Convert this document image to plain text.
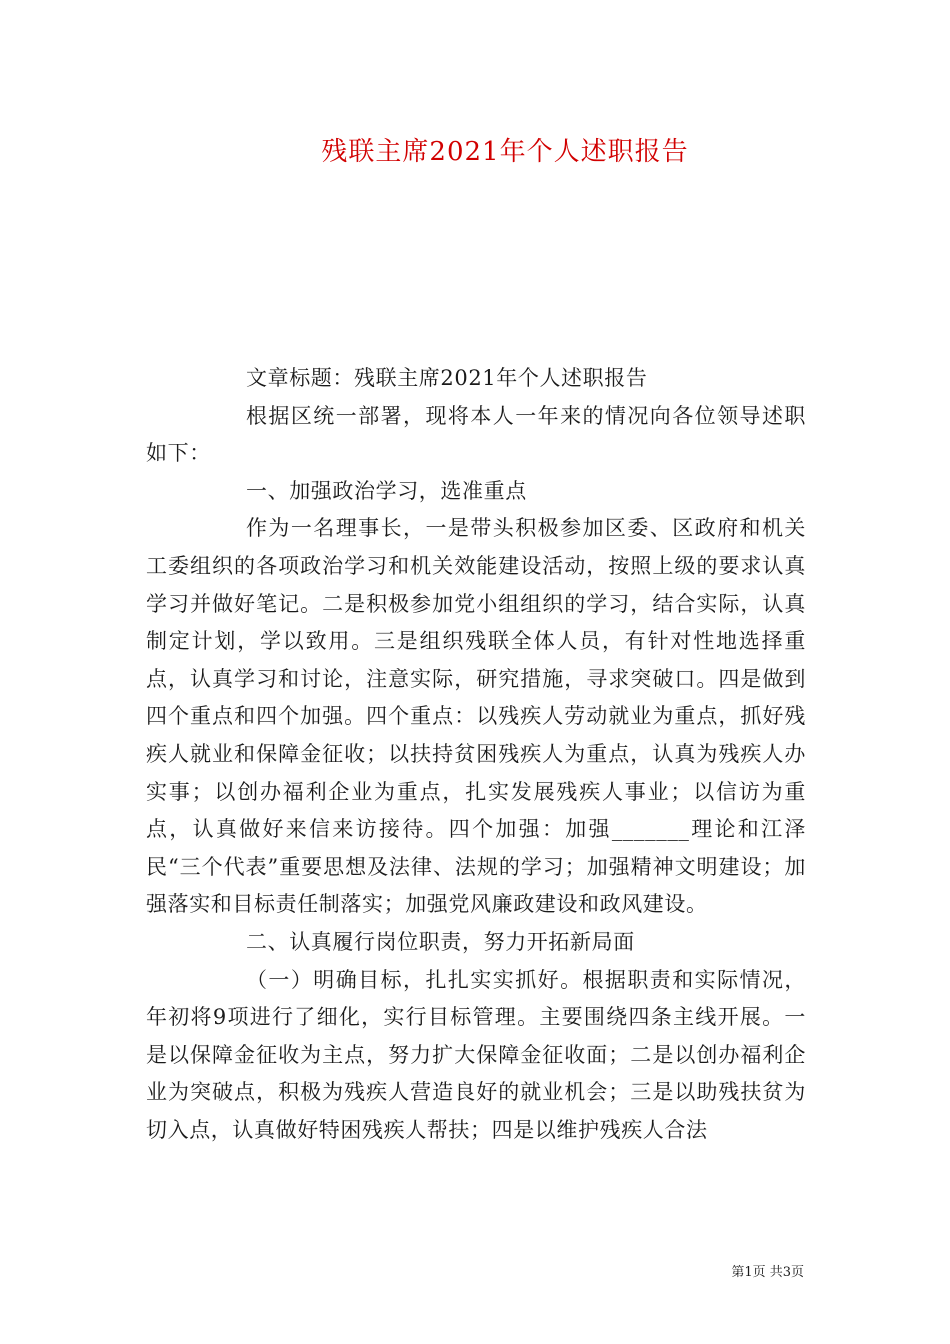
残联主席2021年个人述职报告

文章标题：残联主席2021年个人述职报告

根据区统一部署，现将本人一年来的情况向各位领导述职如下：

一、加强政治学习，选准重点

作为一名理事长，一是带头积极参加区委、区政府和机关工委组织的各项政治学习和机关效能建设活动，按照上级的要求认真学习并做好笔记。二是积极参加党小组组织的学习，结合实际，认真制定计划，学以致用。三是组织残联全体人员，有针对性地选择重点，认真学习和讨论，注意实际，研究措施，寻求突破口。四是做到四个重点和四个加强。四个重点：以残疾人劳动就业为重点，抓好残疾人就业和保障金征收；以扶持贫困残疾人为重点，认真为残疾人办实事；以创办福利企业为重点，扎实发展残疾人事业；以信访为重点，认真做好来信来访接待。四个加强：加强_______理论和江泽民“三个代表”重要思想及法律、法规的学习；加强精神文明建设；加强落实和目标责任制落实；加强党风廉政建设和政风建设。

二、认真履行岗位职责，努力开拓新局面

（一）明确目标，扎扎实实抓好。根据职责和实际情况，年初将9项进行了细化，实行目标管理。主要围绕四条主线开展。一是以保障金征收为主点，努力扩大保障金征收面；二是以创办福利企业为突破点，积极为残疾人营造良好的就业机会；三是以助残扶贫为切入点，认真做好特困残疾人帮扶；四是以维护残疾人合法

第1页 共3页
